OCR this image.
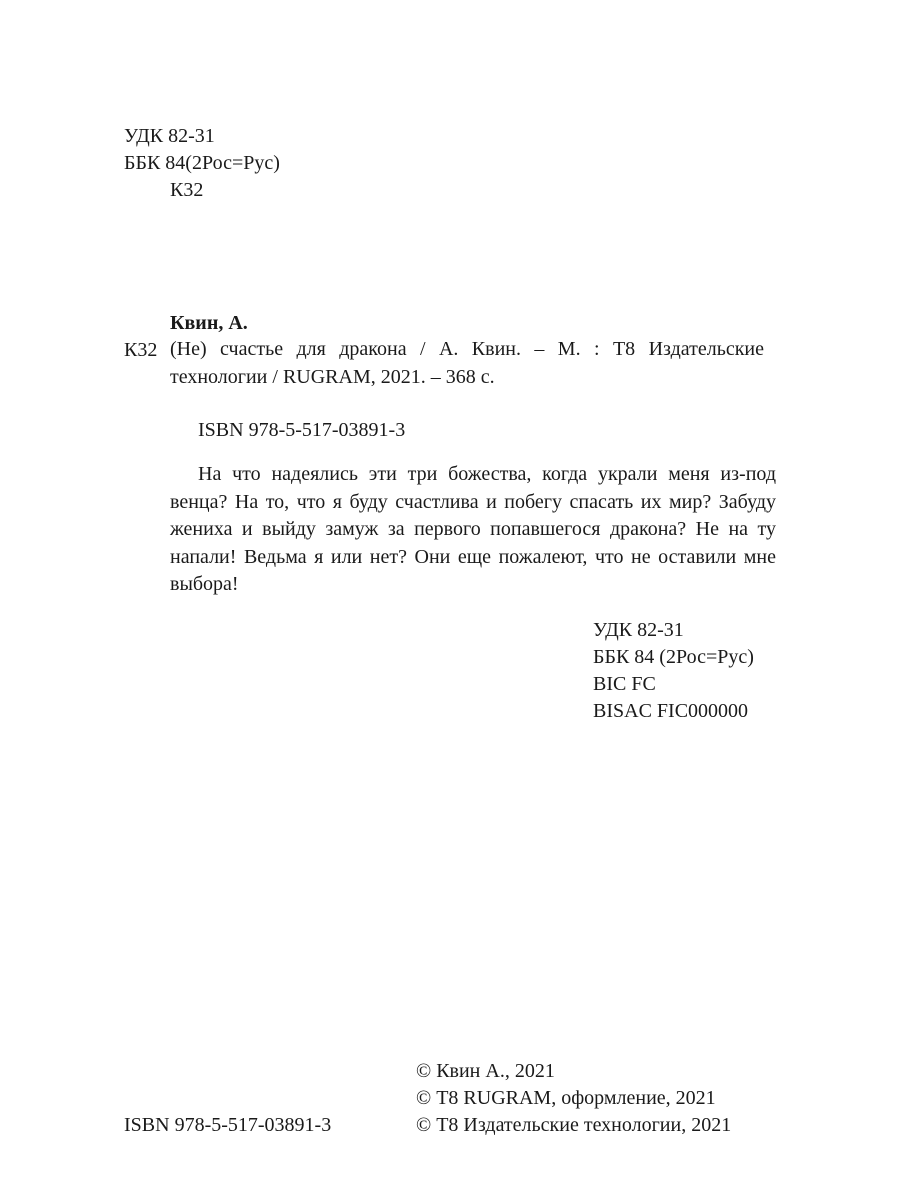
УДК 82-31
ББК 84(2Рос=Рус)
К32
Квин, А.
К32 (Не) счастье для дракона / А. Квин. – М. : Т8 Издательские
технологии / RUGRAM, 2021. – 368 с.
ISBN 978-5-517-03891-3
На что надеялись эти три божества, когда украли меня из-под
венца? На то, что я буду счастлива и побегу спасать их мир? Забуду
жениха и выйду замуж за первого попавшегося дракона? Не на ту
напали! Ведьма я или нет? Они еще пожалеют, что не оставили мне
выбора!
УДК 82-31
ББК 84 (2Рос=Рус)
BIC FC
BISAC FIC000000
© Квин А., 2021
© Т8 RUGRAM, оформление, 2021
ISBN 978-5-517-03891-3	© Т8 Издательские технологии, 2021
